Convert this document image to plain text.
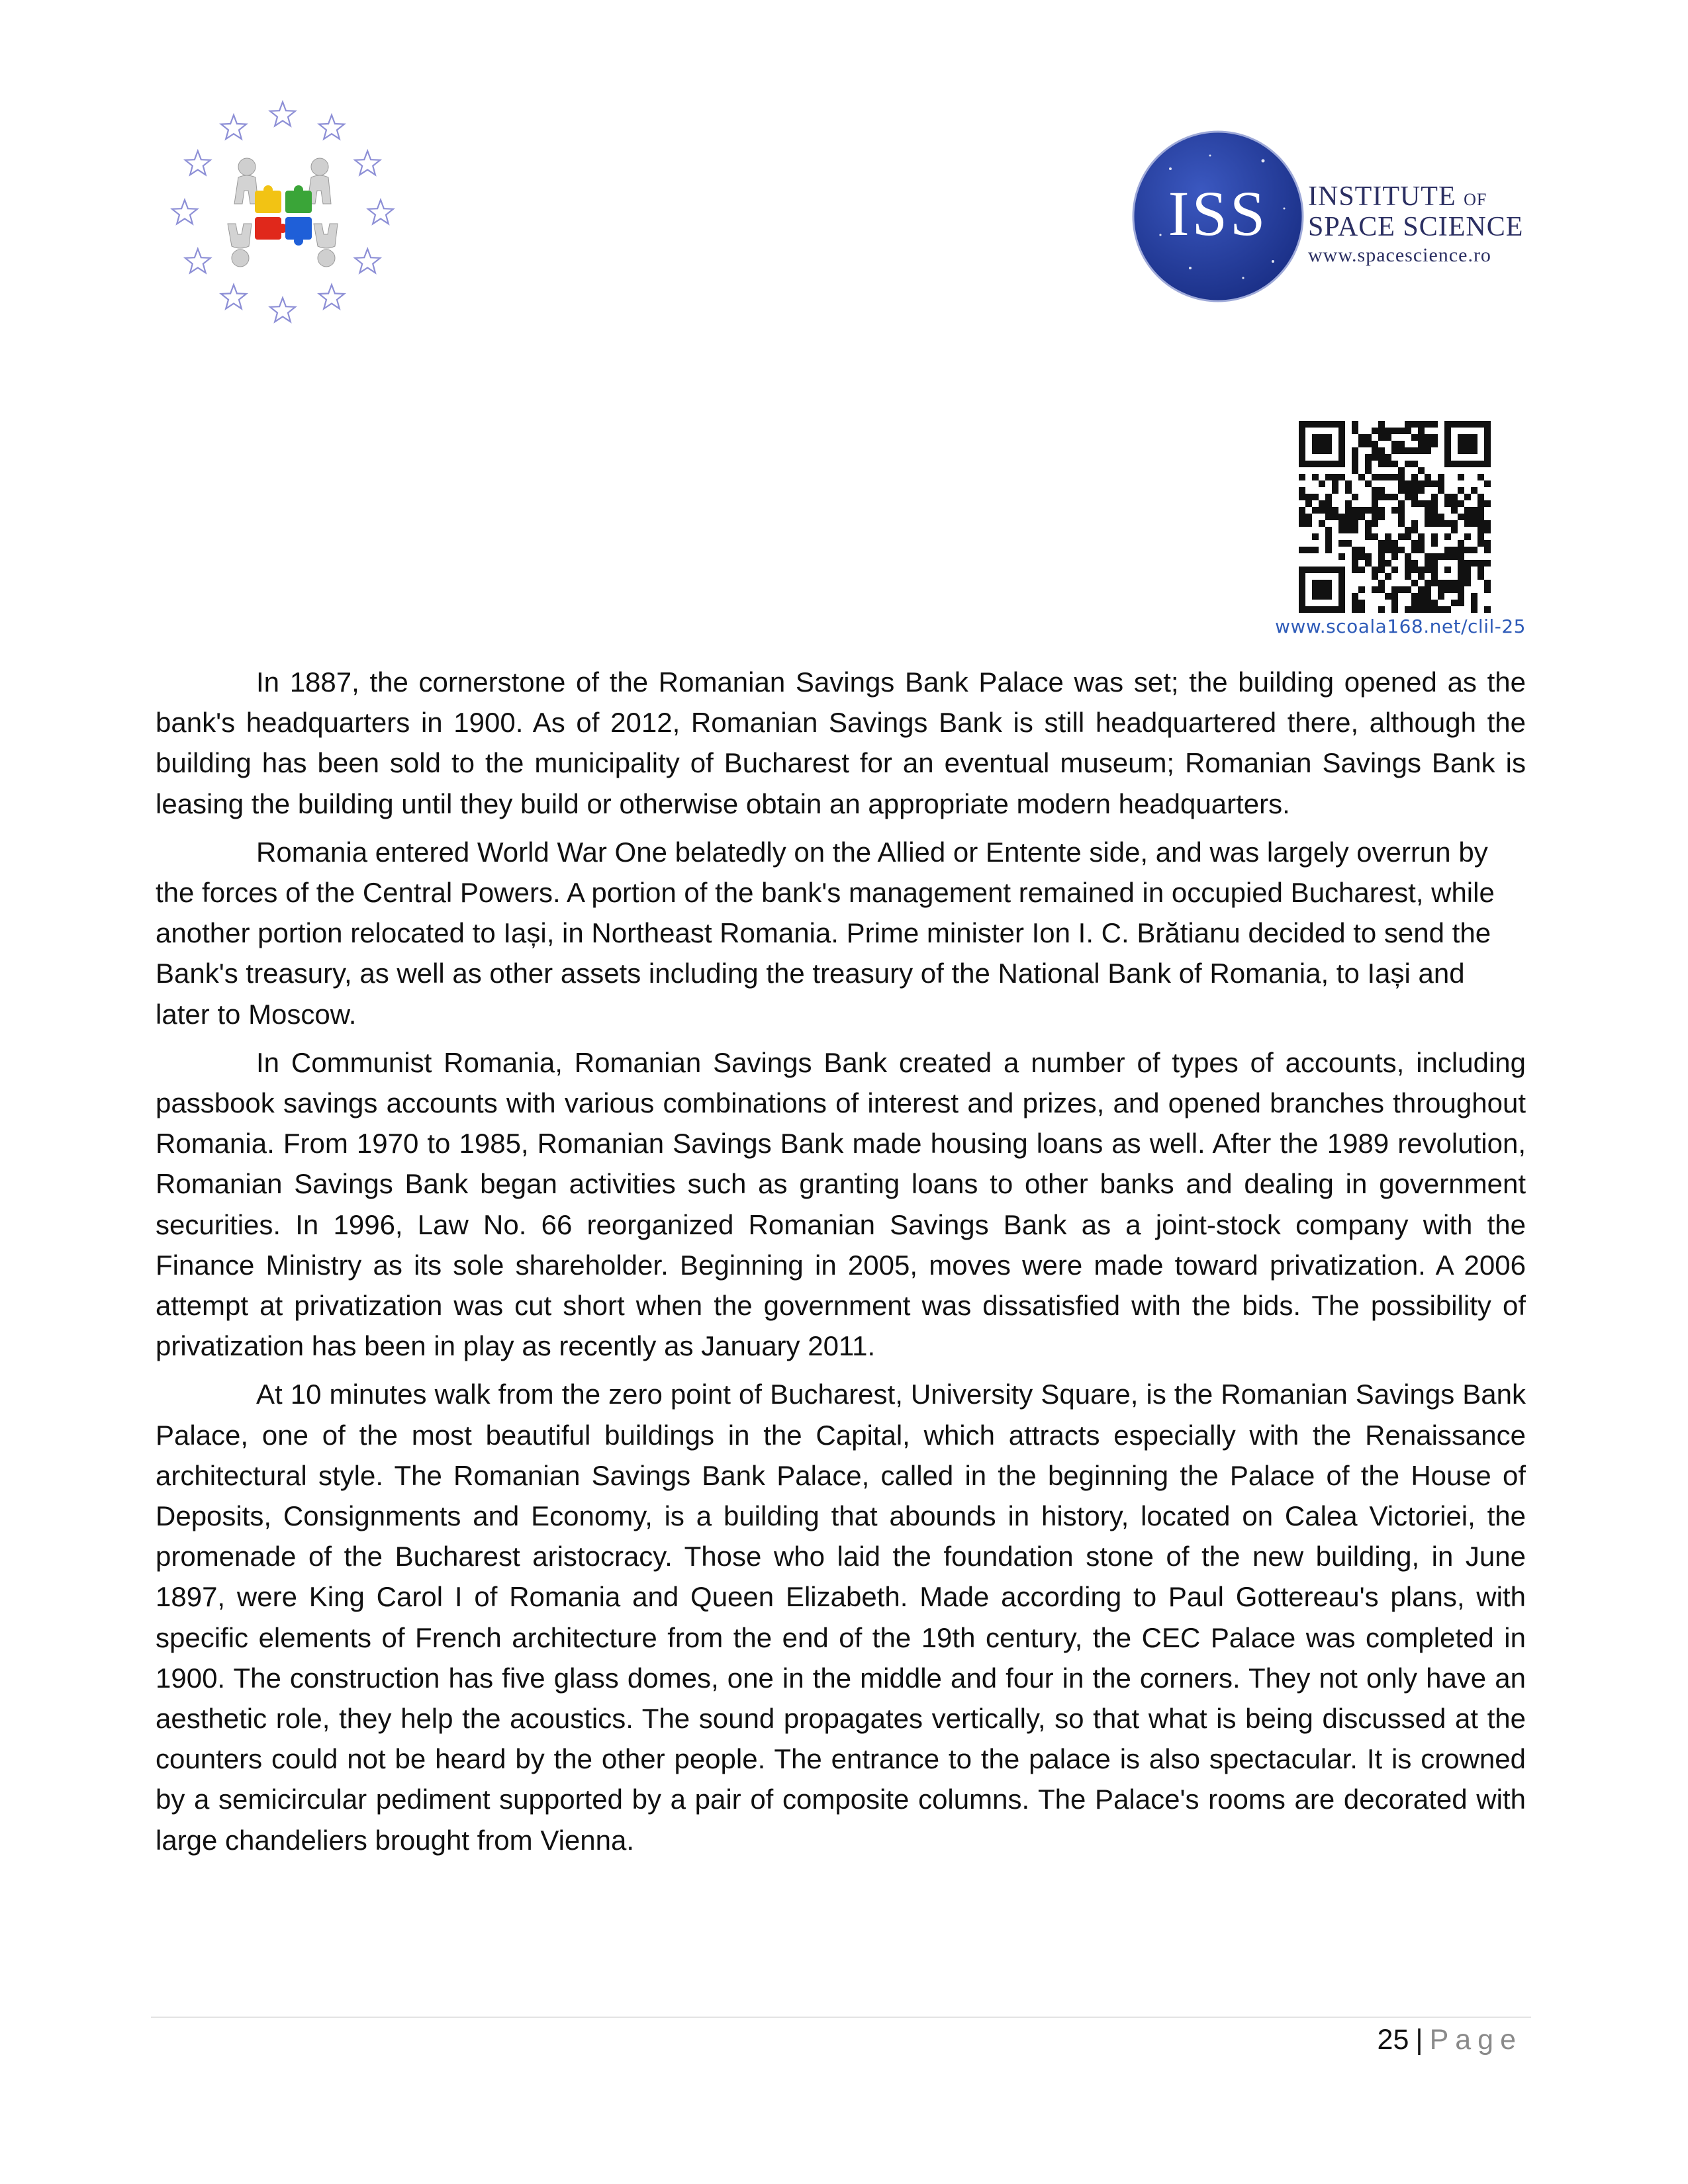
ISS INSTITUTE OF
SPACE SCIENCE
www.spacescience.ro
www.scoala168.net/clil-25

In 1887, the cornerstone of the Romanian Savings Bank Palace was set; the building opened as the bank's headquarters in 1900. As of 2012, Romanian Savings Bank is still headquartered there, although the building has been sold to the municipality of Bucharest for an eventual museum; Romanian Savings Bank is leasing the building until they build or otherwise obtain an appropriate modern headquarters.

Romania entered World War One belatedly on the Allied or Entente side, and was largely overrun by the forces of the Central Powers. A portion of the bank's management remained in occupied Bucharest, while another portion relocated to Iași, in Northeast Romania. Prime minister Ion I. C. Brătianu decided to send the Bank's treasury, as well as other assets including the treasury of the National Bank of Romania, to Iași and later to Moscow.

In Communist Romania, Romanian Savings Bank created a number of types of accounts, including passbook savings accounts with various combinations of interest and prizes, and opened branches throughout Romania. From 1970 to 1985, Romanian Savings Bank made housing loans as well. After the 1989 revolution, Romanian Savings Bank began activities such as granting loans to other banks and dealing in government securities. In 1996, Law No. 66 reorganized Romanian Savings Bank as a joint-stock company with the Finance Ministry as its sole shareholder. Beginning in 2005, moves were made toward privatization. A 2006 attempt at privatization was cut short when the government was dissatisfied with the bids. The possibility of privatization has been in play as recently as January 2011.

At 10 minutes walk from the zero point of Bucharest, University Square, is the Romanian Savings Bank Palace, one of the most beautiful buildings in the Capital, which attracts especially with the Renaissance architectural style. The Romanian Savings Bank Palace, called in the beginning the Palace of the House of Deposits, Consignments and Economy, is a building that abounds in history, located on Calea Victoriei, the promenade of the Bucharest aristocracy. Those who laid the foundation stone of the new building, in June 1897, were King Carol I of Romania and Queen Elizabeth. Made according to Paul Gottereau's plans, with specific elements of French architecture from the end of the 19th century, the CEC Palace was completed in 1900. The construction has five glass domes, one in the middle and four in the corners. They not only have an aesthetic role, they help the acoustics. The sound propagates vertically, so that what is being discussed at the counters could not be heard by the other people. The entrance to the palace is also spectacular. It is crowned by a semicircular pediment supported by a pair of composite columns. The Palace's rooms are decorated with large chandeliers brought from Vienna.

25 | Page
